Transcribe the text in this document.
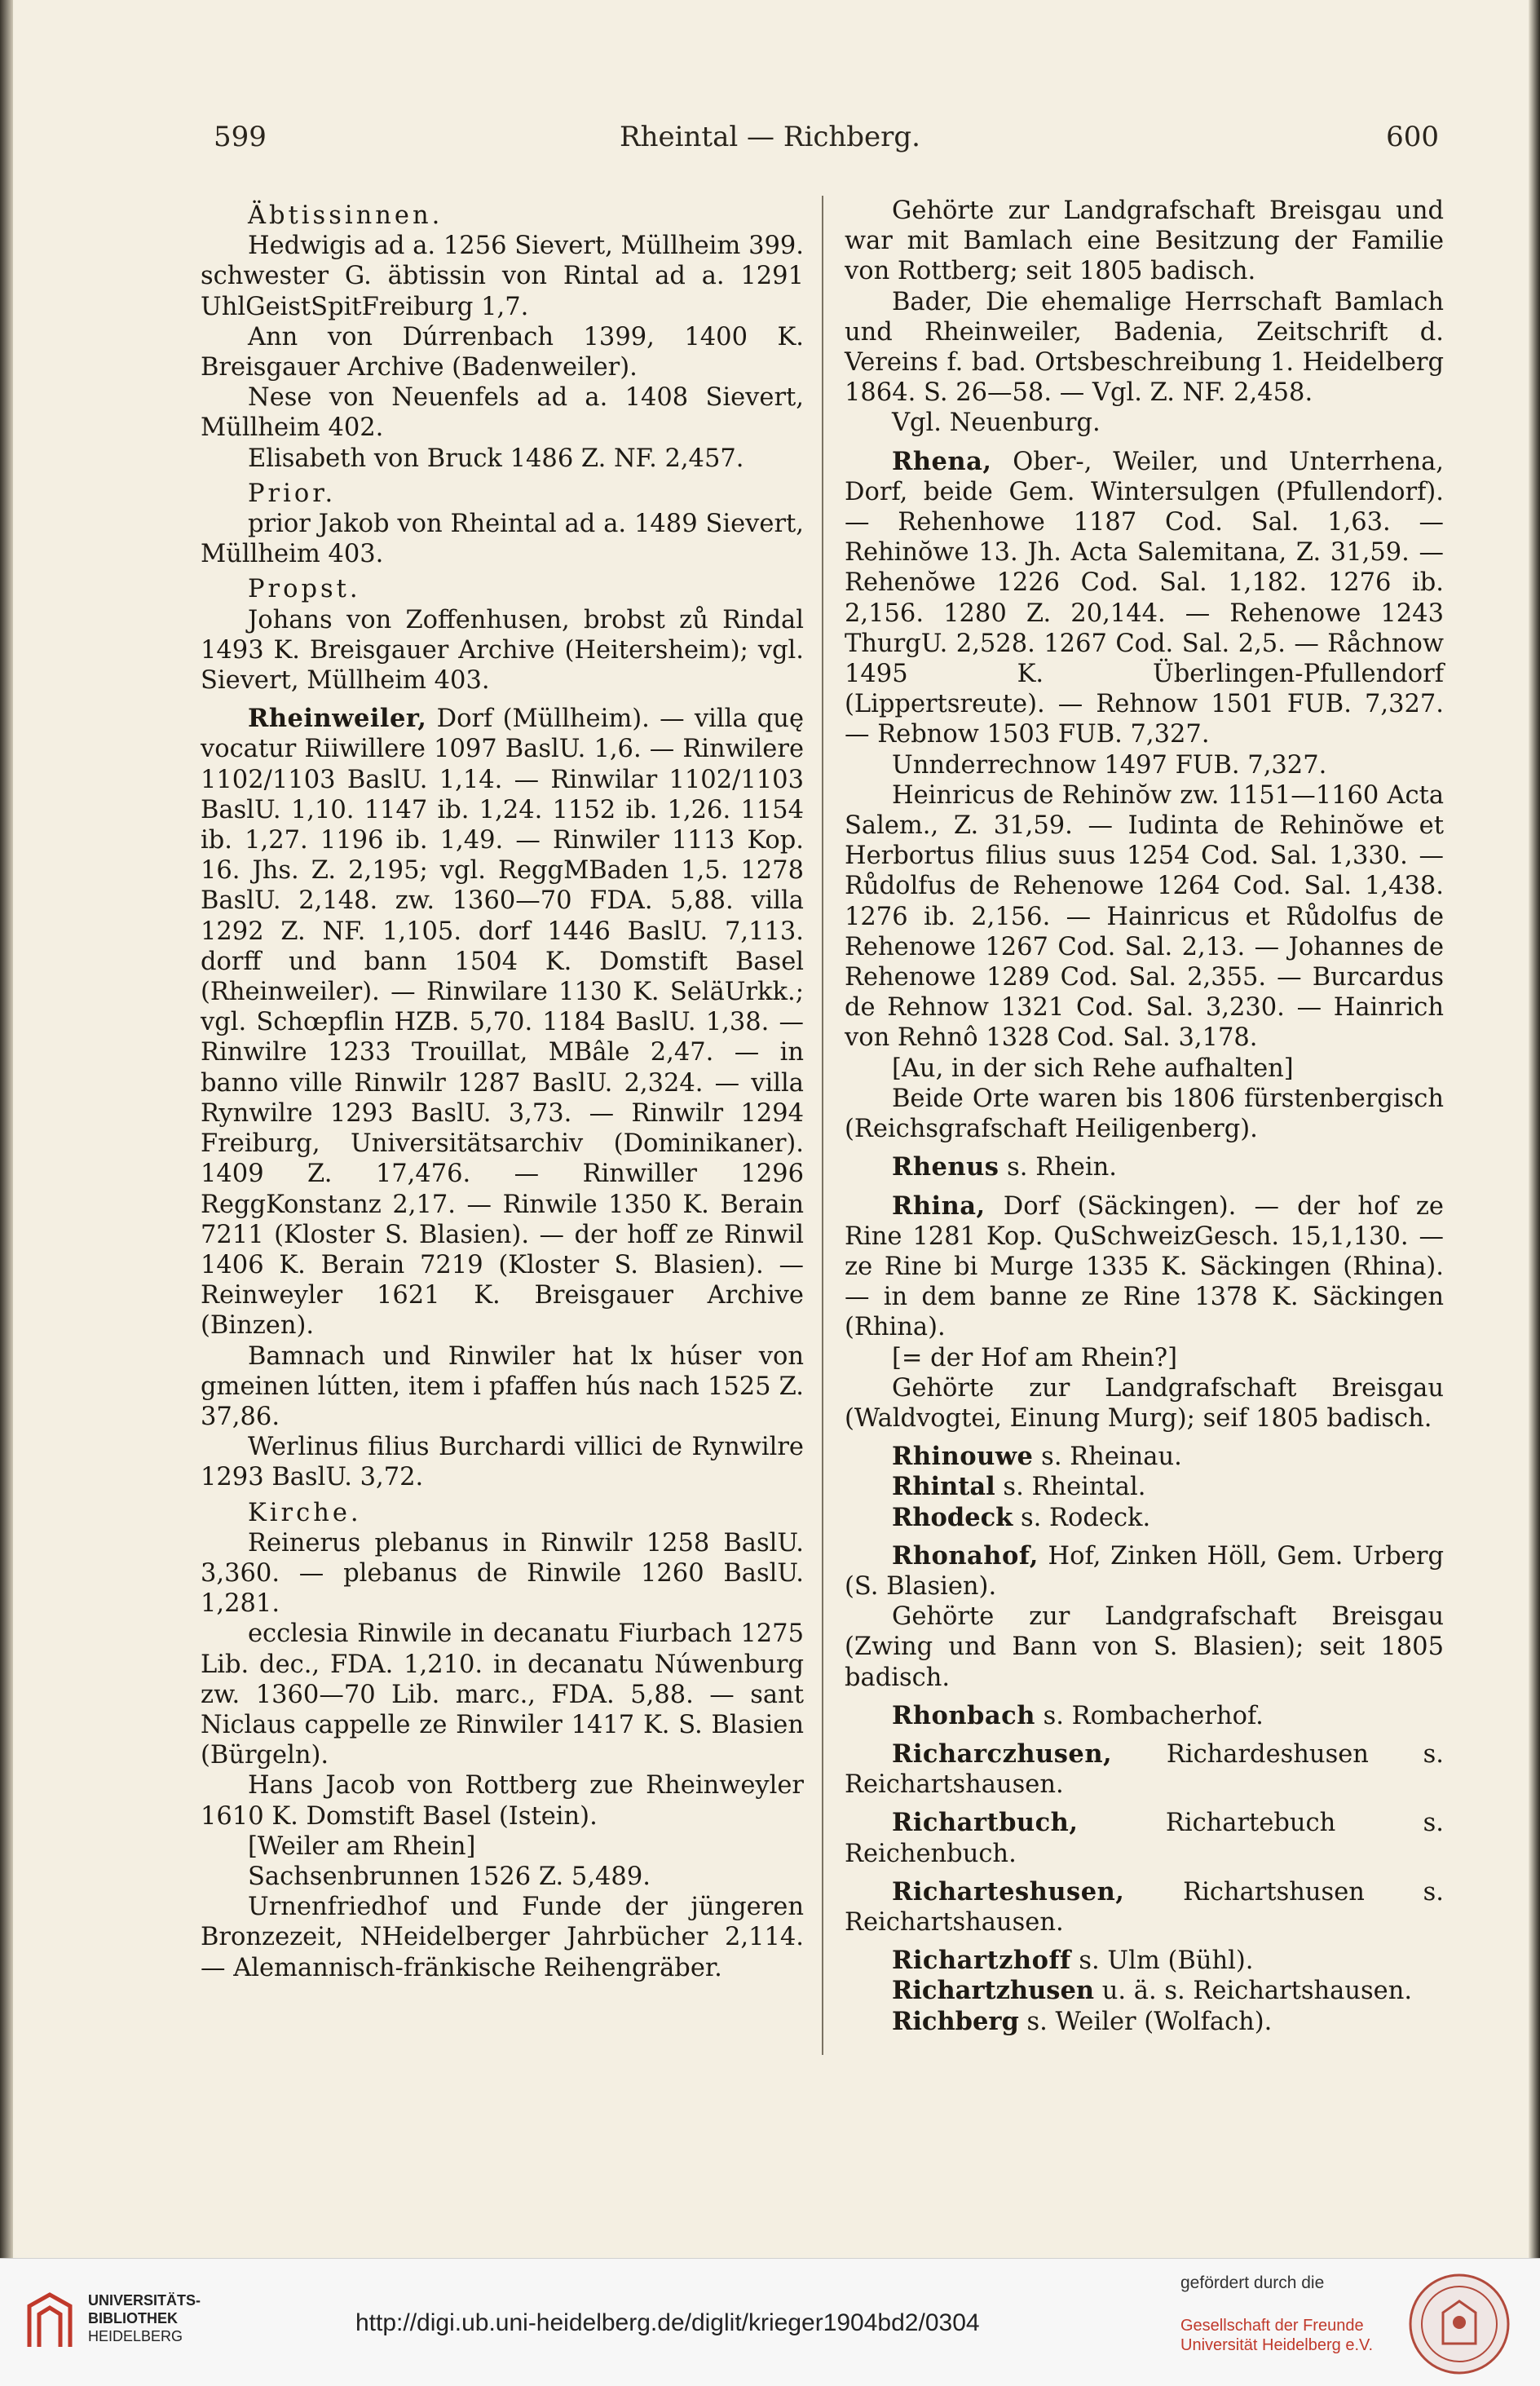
599	Rheintal — Richberg.	600

Äbtissinnen.

Hedwigis ad a. 1256 Sievert, Müllheim 399. schwester G. äbtissin von Rintal ad a. 1291 UhlGeistSpitFreiburg 1,7.

Ann von Dúrrenbach 1399, 1400 K. Breisgauer Archive (Badenweiler).

Nese von Neuenfels ad a. 1408 Sievert, Müllheim 402.

Elisabeth von Bruck 1486 Z. NF. 2,457.

Prior.

prior Jakob von Rheintal ad a. 1489 Sievert, Müllheim 403.

Propst.

Johans von Zoffenhusen, brobst zů Rindal 1493 K. Breisgauer Archive (Heitersheim); vgl. Sievert, Müllheim 403.

Rheinweiler, Dorf (Müllheim). — villa quę vocatur Riiwillere 1097 BaslU. 1,6. — Rinwilere 1102/1103 BaslU. 1,14. — Rinwilar 1102/1103 BaslU. 1,10. 1147 ib. 1,24. 1152 ib. 1,26. 1154 ib. 1,27. 1196 ib. 1,49. — Rinwiler 1113 Kop. 16. Jhs. Z. 2,195; vgl. ReggMBaden 1,5. 1278 BaslU. 2,148. zw. 1360—70 FDA. 5,88. villa 1292 Z. NF. 1,105. dorf 1446 BaslU. 7,113. dorff und bann 1504 K. Domstift Basel (Rheinweiler). — Rinwilare 1130 K. SeläUrkk.; vgl. Schœpflin HZB. 5,70. 1184 BaslU. 1,38. — Rinwilre 1233 Trouillat, MBâle 2,47. — in banno ville Rinwilr 1287 BaslU. 2,324. — villa Rynwilre 1293 BaslU. 3,73. — Rinwilr 1294 Freiburg, Universitätsarchiv (Dominikaner). 1409 Z. 17,476. — Rinwiller 1296 ReggKonstanz 2,17. — Rinwile 1350 K. Berain 7211 (Kloster S. Blasien). — der hoff ze Rinwil 1406 K. Berain 7219 (Kloster S. Blasien). — Reinweyler 1621 K. Breisgauer Archive (Binzen).

Bamnach und Rinwiler hat lx húser von gmeinen lútten, item i pfaffen hús nach 1525 Z. 37,86.

Werlinus filius Burchardi villici de Rynwilre 1293 BaslU. 3,72.

Kirche.

Reinerus plebanus in Rinwilr 1258 BaslU. 3,360. — plebanus de Rinwile 1260 BaslU. 1,281.

ecclesia Rinwile in decanatu Fiurbach 1275 Lib. dec., FDA. 1,210. in decanatu Núwenburg zw. 1360—70 Lib. marc., FDA. 5,88. — sant Niclaus cappelle ze Rinwiler 1417 K. S. Blasien (Bürgeln).

Hans Jacob von Rottberg zue Rheinweyler 1610 K. Domstift Basel (Istein).

[Weiler am Rhein]

Sachsenbrunnen 1526 Z. 5,489.

Urnenfriedhof und Funde der jüngeren Bronzezeit, NHeidelberger Jahrbücher 2,114. — Alemannisch-fränkische Reihengräber.

Gehörte zur Landgrafschaft Breisgau und war mit Bamlach eine Besitzung der Familie von Rottberg; seit 1805 badisch.

Bader, Die ehemalige Herrschaft Bamlach und Rheinweiler, Badenia, Zeitschrift d. Vereins f. bad. Ortsbeschreibung 1. Heidelberg 1864. S. 26—58. — Vgl. Z. NF. 2,458.

Vgl. Neuenburg.

Rhena, Ober-, Weiler, und Unterrhena, Dorf, beide Gem. Wintersulgen (Pfullendorf). — Rehenhowe 1187 Cod. Sal. 1,63. — Rehinŏwe 13. Jh. Acta Salemitana, Z. 31,59. — Rehenŏwe 1226 Cod. Sal. 1,182. 1276 ib. 2,156. 1280 Z. 20,144. — Rehenowe 1243 ThurgU. 2,528. 1267 Cod. Sal. 2,5. — Råchnow 1495 K. Überlingen-Pfullendorf (Lippertsreute). — Rehnow 1501 FUB. 7,327. — Rebnow 1503 FUB. 7,327.

Unnderrechnow 1497 FUB. 7,327.

Heinricus de Rehinŏw zw. 1151—1160 Acta Salem., Z. 31,59. — Iudinta de Rehinŏwe et Herbortus filius suus 1254 Cod. Sal. 1,330. — Růdolfus de Rehenowe 1264 Cod. Sal. 1,438. 1276 ib. 2,156. — Hainricus et Růdolfus de Rehenowe 1267 Cod. Sal. 2,13. — Johannes de Rehenowe 1289 Cod. Sal. 2,355. — Burcardus de Rehnow 1321 Cod. Sal. 3,230. — Hainrich von Rehnô 1328 Cod. Sal. 3,178.

[Au, in der sich Rehe aufhalten]

Beide Orte waren bis 1806 fürstenbergisch (Reichsgrafschaft Heiligenberg).

Rhenus s. Rhein.

Rhina, Dorf (Säckingen). — der hof ze Rine 1281 Kop. QuSchweizGesch. 15,1,130. — ze Rine bi Murge 1335 K. Säckingen (Rhina). — in dem banne ze Rine 1378 K. Säckingen (Rhina).

[= der Hof am Rhein?]

Gehörte zur Landgrafschaft Breisgau (Waldvogtei, Einung Murg); seif 1805 badisch.

Rhinouwe s. Rheinau.

Rhintal s. Rheintal.

Rhodeck s. Rodeck.

Rhonahof, Hof, Zinken Höll, Gem. Urberg (S. Blasien).

Gehörte zur Landgrafschaft Breisgau (Zwing und Bann von S. Blasien); seit 1805 badisch.

Rhonbach s. Rombacherhof.

Richarczhusen, Richardeshusen s. Reichartshausen.

Richartbuch, Richartebuch s. Reichenbuch.

Richarteshusen, Richartshusen s. Reichartshausen.

Richartzhoff s. Ulm (Bühl).

Richartzhusen u. ä. s. Reichartshausen.

Richberg s. Weiler (Wolfach).

UNIVERSITÄTS-
BIBLIOTHEK
HEIDELBERG	http://digi.ub.uni-heidelberg.de/diglit/krieger1904bd2/0304
gefördert durch die
Gesellschaft der Freunde
Universität Heidelberg e.V.
